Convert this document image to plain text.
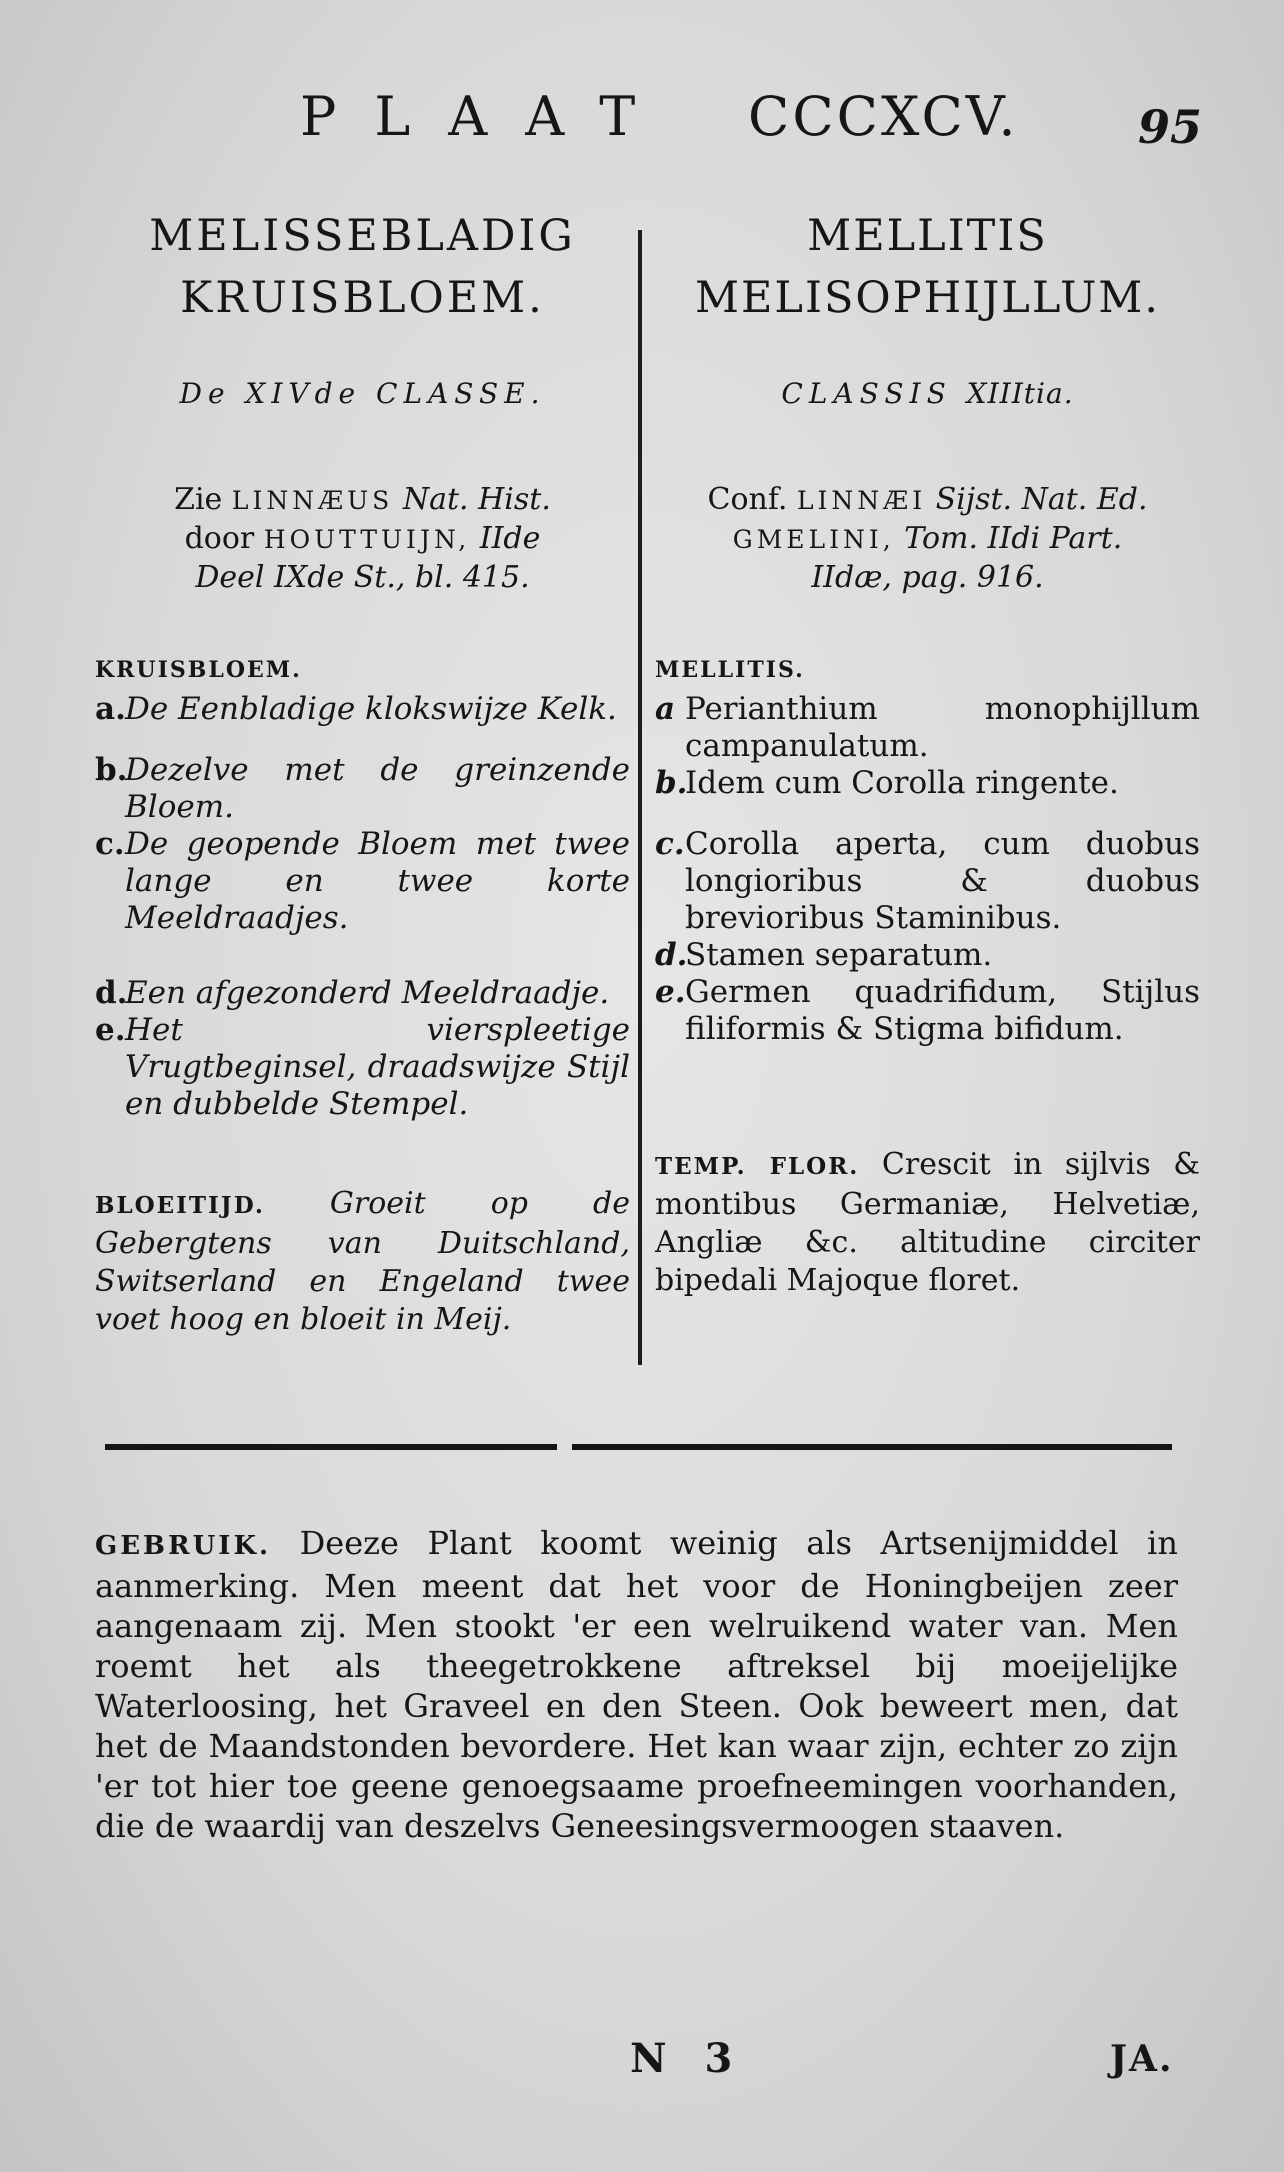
PLAAT CCCXCV.	95
MELISSEBLADIG
KRUISBLOEM.
De XIVde CLASSE.
Zie LINNÆUS Nat. Hist.
door HOUTTUIJN, IIde
Deel IXde St., bl. 415.
KRUISBLOEM.
a. De Eenbladige klokswijze Kelk.
b.
Dezelve met de greinzende Bloem.
c. De geopende Bloem met twee lange en twee korte Meeldraadjes.
d.
Een afgezonderd Meeldraadje.
e. Het vierspleetige Vrugtbeginsel, draadswijze Stijl en dubbelde Stempel.
BLOEITIJD. Groeit op de Gebergtens van Duitschland, Switserland en Engeland twee voet hoog en bloeit in Meij.
MELLITIS
MELISOPHIJLLUM.
CLASSIS XIIItia.
Conf. LINNÆI Sijst. Nat. Ed.
GMELINI, Tom. IIdi Part.
IIdæ, pag. 916.
MELLITIS.
a Perianthium monophijllum campanulatum.
b.
Idem cum Corolla ringente.
c. Corolla aperta, cum duobus longioribus & duobus brevioribus Staminibus.
d.
Stamen separatum.
e. Germen quadrifidum, Stijlus filiformis & Stigma bifidum.
TEMP. FLOR. Crescit in sijlvis & montibus Germaniæ, Helvetiæ, Angliæ &c. altitudine circiter bipedali Majoque floret.
GEBRUIK. Deeze Plant koomt weinig als Artsenijmiddel in aanmerking. Men meent dat het voor de Honingbeijen zeer aangenaam zij. Men stookt 'er een welruikend water van. Men roemt het als theegetrokkene aftreksel bij moeijelijke Waterloosing, het Graveel en den Steen. Ook beweert men, dat het de Maandstonden bevordere. Het kan waar zijn, echter zo zijn 'er tot hier toe geene genoegsaame proefneemingen voorhanden, die de waardij van deszelvs Geneesingsvermoogen staaven.
N 3	JA.
